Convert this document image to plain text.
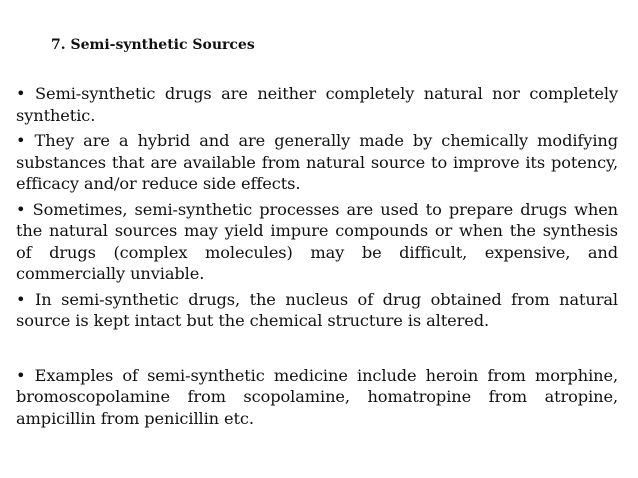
7. Semi-synthetic Sources
• Semi-synthetic drugs are neither completely natural nor completely synthetic.
• They are a hybrid and are generally made by chemically modifying substances that are available from natural source to improve its potency, efficacy and/or reduce side effects.
• Sometimes, semi-synthetic processes are used to prepare drugs when the natural sources may yield impure compounds or when the synthesis of drugs (complex molecules) may be difficult, expensive, and commercially unviable.
• In semi-synthetic drugs, the nucleus of drug obtained from natural source is kept intact but the chemical structure is altered.
• Examples of semi-synthetic medicine include heroin from morphine, bromoscopolamine from scopolamine, homatropine from atropine, ampicillin from penicillin etc.
